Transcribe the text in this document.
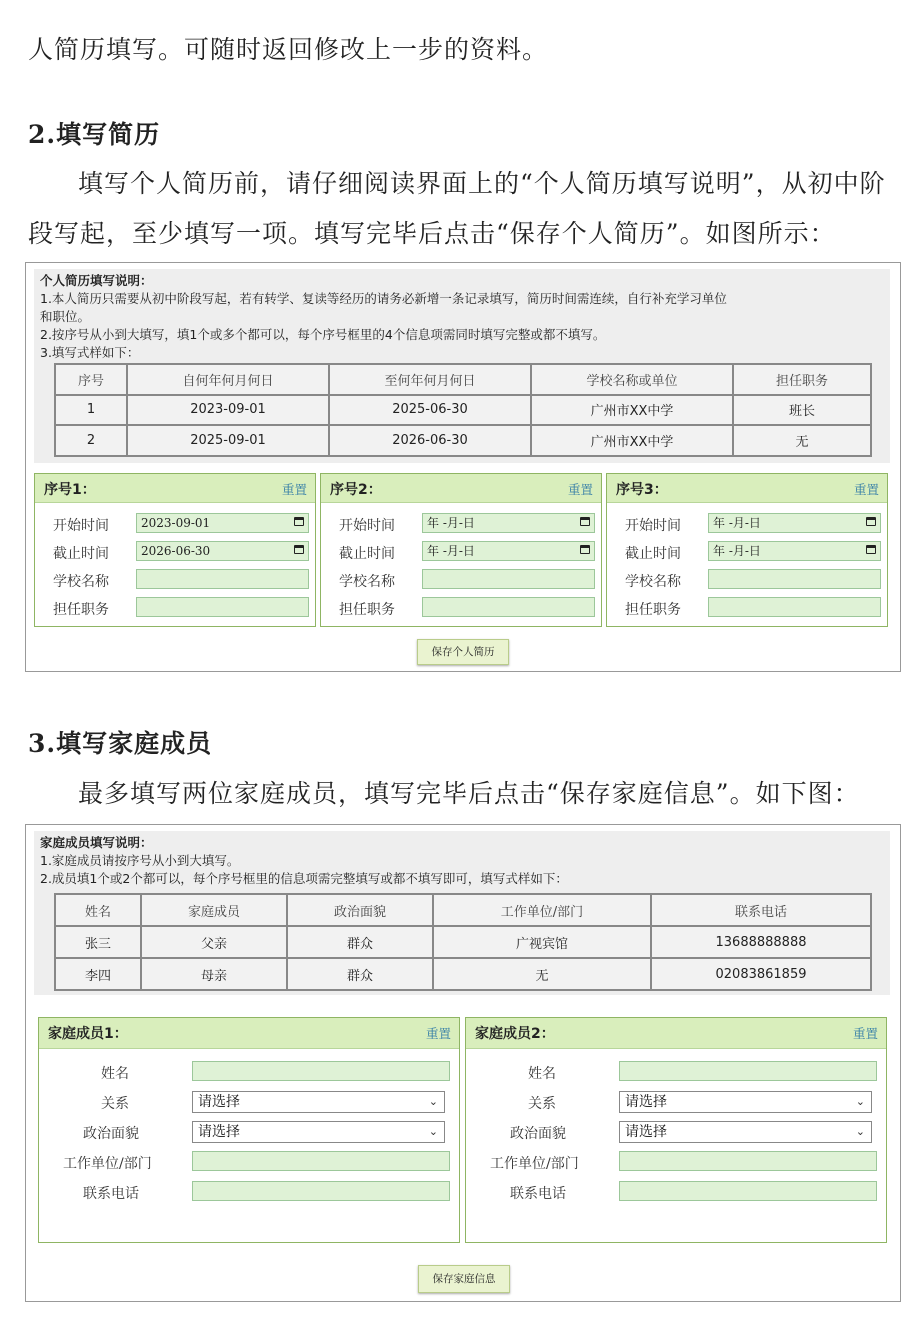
人简历填写。可随时返回修改上一步的资料。
2.填写简历
填写个人简历前，请仔细阅读界面上的“个人简历填写说明”，从初中阶
段写起，至少填写一项。填写完毕后点击“保存个人简历”。如图所示：
个人简历填写说明：
1.本人简历只需要从初中阶段写起，若有转学、复读等经历的请务必新增一条记录填写，简历时间需连续，自行补充学习单位
和职位。
2.按序号从小到大填写，填1个或多个都可以，每个序号框里的4个信息项需同时填写完整或都不填写。
3.填写式样如下：
序号	自何年何月何日	至何年何月何日	学校名称或单位	担任职务
1	2023-09-01	2025-06-30	广州市XX中学	班长
2	2025-09-01	2026-06-30	广州市XX中学	无
序号1：	重置
开始时间	2023-09-01
截止时间	2026-06-30
学校名称
担任职务
序号2：	重置
开始时间	年 -月-日
截止时间	年 -月-日
学校名称
担任职务
序号3：	重置
开始时间	年 -月-日
截止时间	年 -月-日
学校名称
担任职务
保存个人简历
3.填写家庭成员
最多填写两位家庭成员，填写完毕后点击“保存家庭信息”。如下图：
家庭成员填写说明：
1.家庭成员请按序号从小到大填写。
2.成员填1个或2个都可以，每个序号框里的信息项需完整填写或都不填写即可，填写式样如下：
姓名	家庭成员	政治面貌	工作单位/部门	联系电话
张三	父亲	群众	广视宾馆	13688888888
李四	母亲	群众	无	02083861859
家庭成员1：	重置
姓名
关系	请选择	⌄
政治面貌	请选择	⌄
工作单位/部门
联系电话
家庭成员2：	重置
姓名
关系	请选择	⌄
政治面貌	请选择	⌄
工作单位/部门
联系电话
保存家庭信息
